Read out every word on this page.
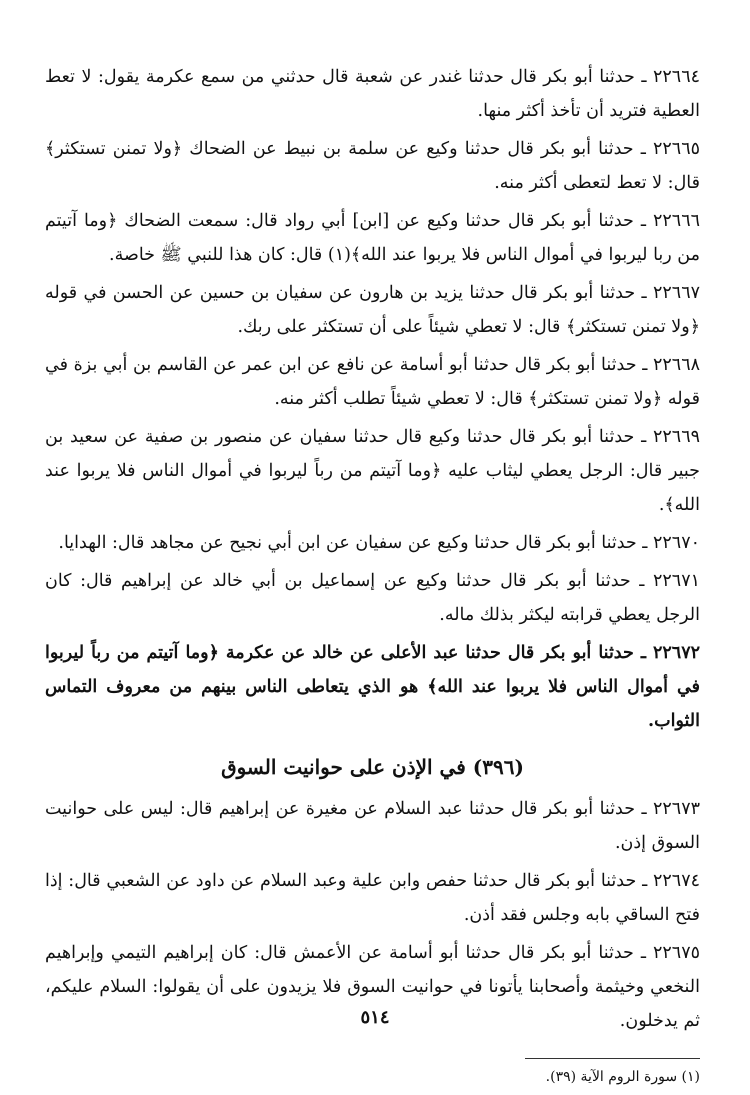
٢٢٦٦٤ ـ حدثنا أبو بكر قال حدثنا غندر عن شعبة قال حدثني من سمع عكرمة يقول: لا تعط العطية فتريد أن تأخذ أكثر منها.

٢٢٦٦٥ ـ حدثنا أبو بكر قال حدثنا وكيع عن سلمة بن نبيط عن الضحاك ﴿ولا تمنن تستكثر﴾ قال: لا تعط لتعطى أكثر منه.

٢٢٦٦٦ ـ حدثنا أبو بكر قال حدثنا وكيع عن [ابن] أبي رواد قال: سمعت الضحاك ﴿وما آتيتم من ربا ليربوا في أموال الناس فلا يربوا عند الله﴾(١) قال: كان هذا للنبي ﷺ خاصة.

٢٢٦٦٧ ـ حدثنا أبو بكر قال حدثنا يزيد بن هارون عن سفيان بن حسين عن الحسن في قوله ﴿ولا تمنن تستكثر﴾ قال: لا تعطي شيئاً على أن تستكثر على ربك.

٢٢٦٦٨ ـ حدثنا أبو بكر قال حدثنا أبو أسامة عن نافع عن ابن عمر عن القاسم بن أبي بزة في قوله ﴿ولا تمنن تستكثر﴾ قال: لا تعطي شيئاً تطلب أكثر منه.

٢٢٦٦٩ ـ حدثنا أبو بكر قال حدثنا وكيع قال حدثنا سفيان عن منصور بن صفية عن سعيد بن جبير قال: الرجل يعطي ليثاب عليه ﴿وما آتيتم من رباً ليربوا في أموال الناس فلا يربوا عند الله﴾.

٢٢٦٧٠ ـ حدثنا أبو بكر قال حدثنا وكيع عن سفيان عن ابن أبي نجيح عن مجاهد قال: الهدايا.

٢٢٦٧١ ـ حدثنا أبو بكر قال حدثنا وكيع عن إسماعيل بن أبي خالد عن إبراهيم قال: كان الرجل يعطي قرابته ليكثر بذلك ماله.

٢٢٦٧٢ ـ حدثنا أبو بكر قال حدثنا عبد الأعلى عن خالد عن عكرمة ﴿وما آتيتم من رباً ليربوا في أموال الناس فلا يربوا عند الله﴾ هو الذي يتعاطى الناس بينهم من معروف التماس الثواب.

(٣٩٦) في الإذن على حوانيت السوق

٢٢٦٧٣ ـ حدثنا أبو بكر قال حدثنا عبد السلام عن مغيرة عن إبراهيم قال: ليس على حوانيت السوق إذن.

٢٢٦٧٤ ـ حدثنا أبو بكر قال حدثنا حفص وابن علية وعبد السلام عن داود عن الشعبي قال: إذا فتح الساقي بابه وجلس فقد أذن.

٢٢٦٧٥ ـ حدثنا أبو بكر قال حدثنا أبو أسامة عن الأعمش قال: كان إبراهيم التيمي وإبراهيم النخعي وخيثمة وأصحابنا يأتونا في حوانيت السوق فلا يزيدون على أن يقولوا: السلام عليكم، ثم يدخلون.

(١) سورة الروم الآية (٣٩).
٥١٤
